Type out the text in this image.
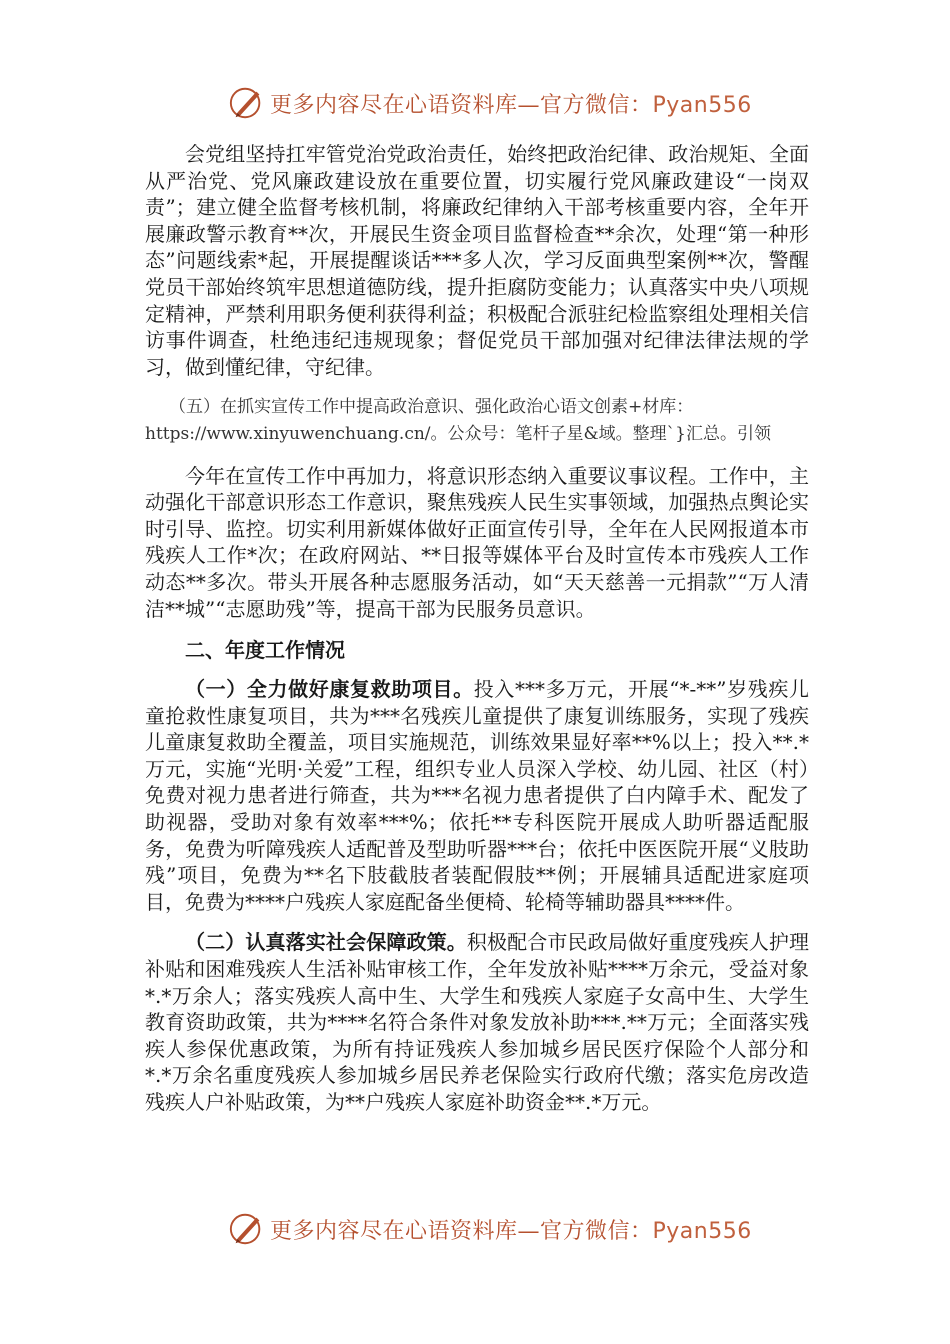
更多内容尽在心语资料库—官方微信：Pyan556

会党组坚持扛牢管党治党政治责任，始终把政治纪律、政治规矩、全面从严治党、党风廉政建设放在重要位置，切实履行党风廉政建设“一岗双责”；建立健全监督考核机制，将廉政纪律纳入干部考核重要内容，全年开展廉政警示教育**次，开展民生资金项目监督检查**余次，处理“第一种形态”问题线索*起，开展提醒谈话***多人次，学习反面典型案例**次，警醒党员干部始终筑牢思想道德防线，提升拒腐防变能力；认真落实中央八项规定精神，严禁利用职务便利获得利益；积极配合派驻纪检监察组处理相关信访事件调查，杜绝违纪违规现象；督促党员干部加强对纪律法律法规的学习，做到懂纪律，守纪律。

（五）在抓实宣传工作中提高政治意识、强化政治心语文创素+材库：
https://www.xinyuwenchuang.cn/。公众号：笔杆子星&域。整理`}汇总。引领

今年在宣传工作中再加力，将意识形态纳入重要议事议程。工作中，主动强化干部意识形态工作意识，聚焦残疾人民生实事领域，加强热点舆论实时引导、监控。切实利用新媒体做好正面宣传引导，全年在人民网报道本市残疾人工作*次；在政府网站、**日报等媒体平台及时宣传本市残疾人工作动态**多次。带头开展各种志愿服务活动，如“天天慈善一元捐款”“万人清洁**城”“志愿助残”等，提高干部为民服务员意识。

二、年度工作情况

（一）全力做好康复救助项目。投入***多万元，开展“*-**”岁残疾儿童抢救性康复项目，共为***名残疾儿童提供了康复训练服务，实现了残疾儿童康复救助全覆盖，项目实施规范，训练效果显好率**%以上；投入**.*万元，实施“光明·关爱”工程，组织专业人员深入学校、幼儿园、社区（村）免费对视力患者进行筛查，共为***名视力患者提供了白内障手术、配发了助视器，受助对象有效率***%；依托**专科医院开展成人助听器适配服务，免费为听障残疾人适配普及型助听器***台；依托中医医院开展“义肢助残”项目，免费为**名下肢截肢者装配假肢**例；开展辅具适配进家庭项目，免费为****户残疾人家庭配备坐便椅、轮椅等辅助器具****件。

（二）认真落实社会保障政策。积极配合市民政局做好重度残疾人护理补贴和困难残疾人生活补贴审核工作，全年发放补贴****万余元，受益对象*.*万余人；落实残疾人高中生、大学生和残疾人家庭子女高中生、大学生教育资助政策，共为****名符合条件对象发放补助***.**万元；全面落实残疾人参保优惠政策，为所有持证残疾人参加城乡居民医疗保险个人部分和*.*万余名重度残疾人参加城乡居民养老保险实行政府代缴；落实危房改造残疾人户补贴政策，为**户残疾人家庭补助资金**.*万元。

更多内容尽在心语资料库—官方微信：Pyan556
